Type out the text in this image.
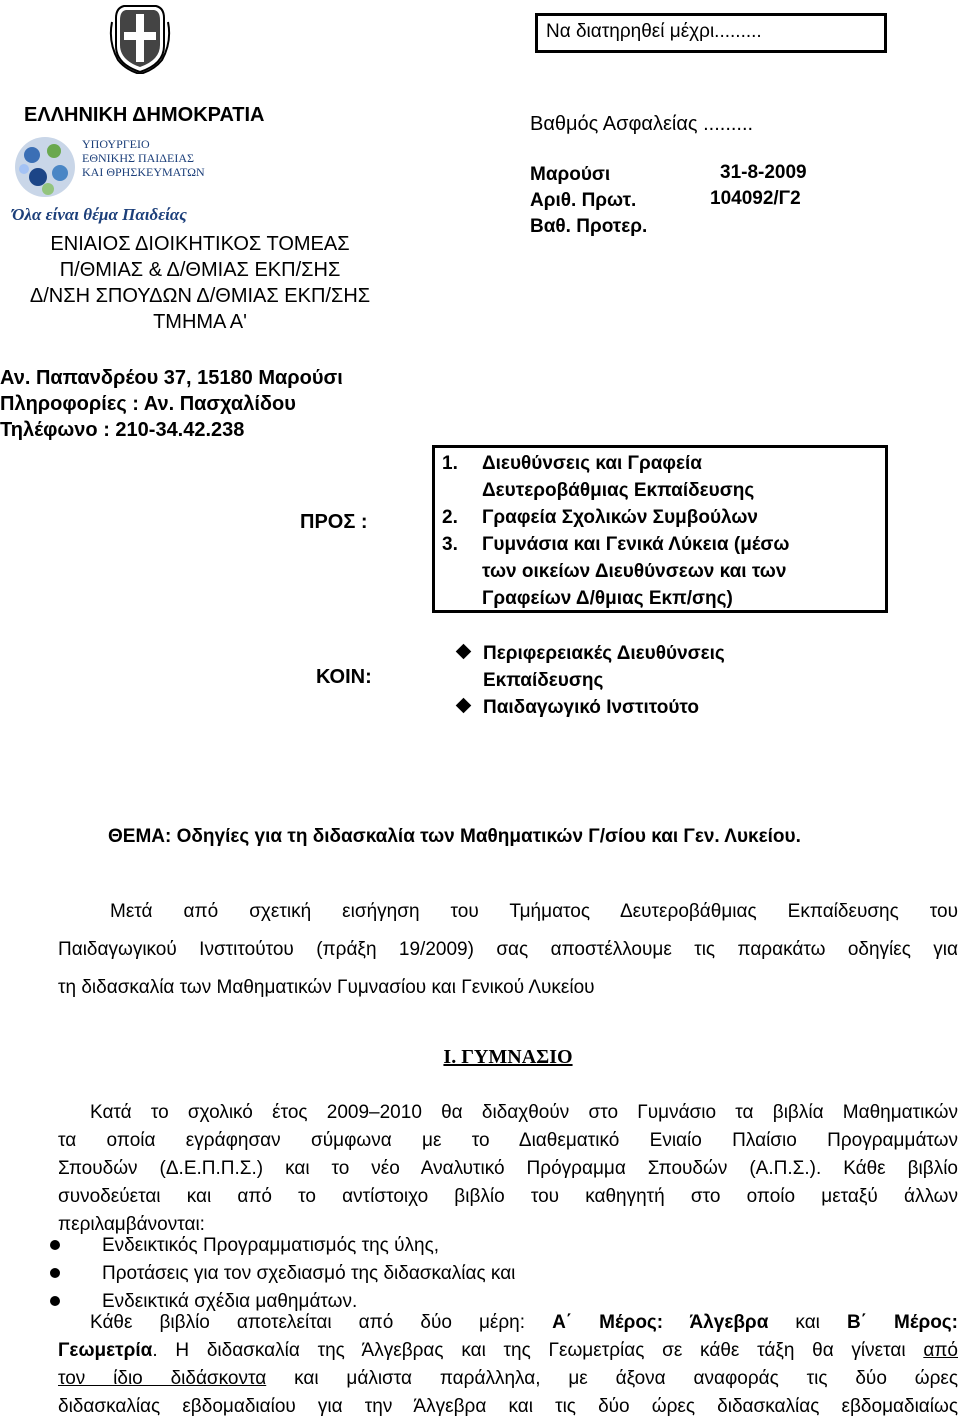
Να διατηρηθεί μέχρι.........
ΕΛΛΗΝΙΚΗ ΔΗΜΟΚΡΑΤΙΑ
ΥΠΟΥΡΓΕΙΟ
ΕΘΝΙΚΗΣ ΠΑΙΔΕΙΑΣ
ΚΑΙ ΘΡΗΣΚΕΥΜΑΤΩΝ
Όλα είναι θέμα Παιδείας
ΕΝΙΑΙΟΣ ΔΙΟΙΚΗΤΙΚΟΣ ΤΟΜΕΑΣ
Π/ΘΜΙΑΣ & Δ/ΘΜΙΑΣ ΕΚΠ/ΣΗΣ
Δ/ΝΣΗ ΣΠΟΥΔΩΝ Δ/ΘΜΙΑΣ ΕΚΠ/ΣΗΣ
ΤΜΗΜΑ Α'
Βαθμός Ασφαλείας .........
Μαρούσι
Αριθ. Πρωτ.
Βαθ. Προτερ.
31-8-2009
104092/Γ2
Αν. Παπανδρέου 37, 15180 Μαρούσι
Πληροφορίες : Αν. Πασχαλίδου
Τηλέφωνο : 210-34.42.238
ΠΡΟΣ :
1. Διευθύνσεις και Γραφεία
Δευτεροβάθμιας Εκπαίδευσης
2. Γραφεία Σχολικών Συμβούλων
3. Γυμνάσια και Γενικά Λύκεια (μέσω
των οικείων Διευθύνσεων και των
Γραφείων Δ/θμιας Εκπ/σης)
ΚΟΙΝ:
Περιφερειακές Διευθύνσεις
Εκπαίδευσης
Παιδαγωγικό Ινστιτούτο
ΘΕΜΑ: Οδηγίες για τη διδασκαλία των Μαθηματικών Γ/σίου και Γεν. Λυκείου.
Μετά από σχετική εισήγηση του Τμήματος Δευτεροβάθμιας Εκπαίδευσης του
Παιδαγωγικού Ινστιτούτου (πράξη 19/2009) σας αποστέλλουμε τις παρακάτω οδηγίες για
τη διδασκαλία των Μαθηματικών Γυμνασίου και Γενικού Λυκείου
Ι. ΓΥΜΝΑΣΙΟ
Κατά το σχολικό έτος 2009–2010 θα διδαχθούν στο Γυμνάσιο τα βιβλία Μαθηματικών
τα οποία εγράφησαν σύμφωνα με το Διαθεματικό Ενιαίο Πλαίσιο Προγραμμάτων
Σπουδών (Δ.Ε.Π.Π.Σ.) και το νέο Αναλυτικό Πρόγραμμα Σπουδών (Α.Π.Σ.). Κάθε βιβλίο
συνοδεύεται και από το αντίστοιχο βιβλίο του καθηγητή στο οποίο μεταξύ άλλων
περιλαμβάνονται:
Ενδεικτικός Προγραμματισμός της ύλης,
Προτάσεις για τον σχεδιασμό της διδασκαλίας και
Ενδεικτικά σχέδια μαθημάτων.
Κάθε βιβλίο αποτελείται από δύο μέρη: Α΄ Μέρος: Άλγεβρα και Β΄ Μέρος:
Γεωμετρία. Η διδασκαλία της Άλγεβρας και της Γεωμετρίας σε κάθε τάξη θα γίνεται από
τον ίδιο διδάσκοντα και μάλιστα παράλληλα, με άξονα αναφοράς τις δύο ώρες
διδασκαλίας εβδομαδιαίου για την Άλγεβρα και τις δύο ώρες διδασκαλίας εβδομαδιαίως
